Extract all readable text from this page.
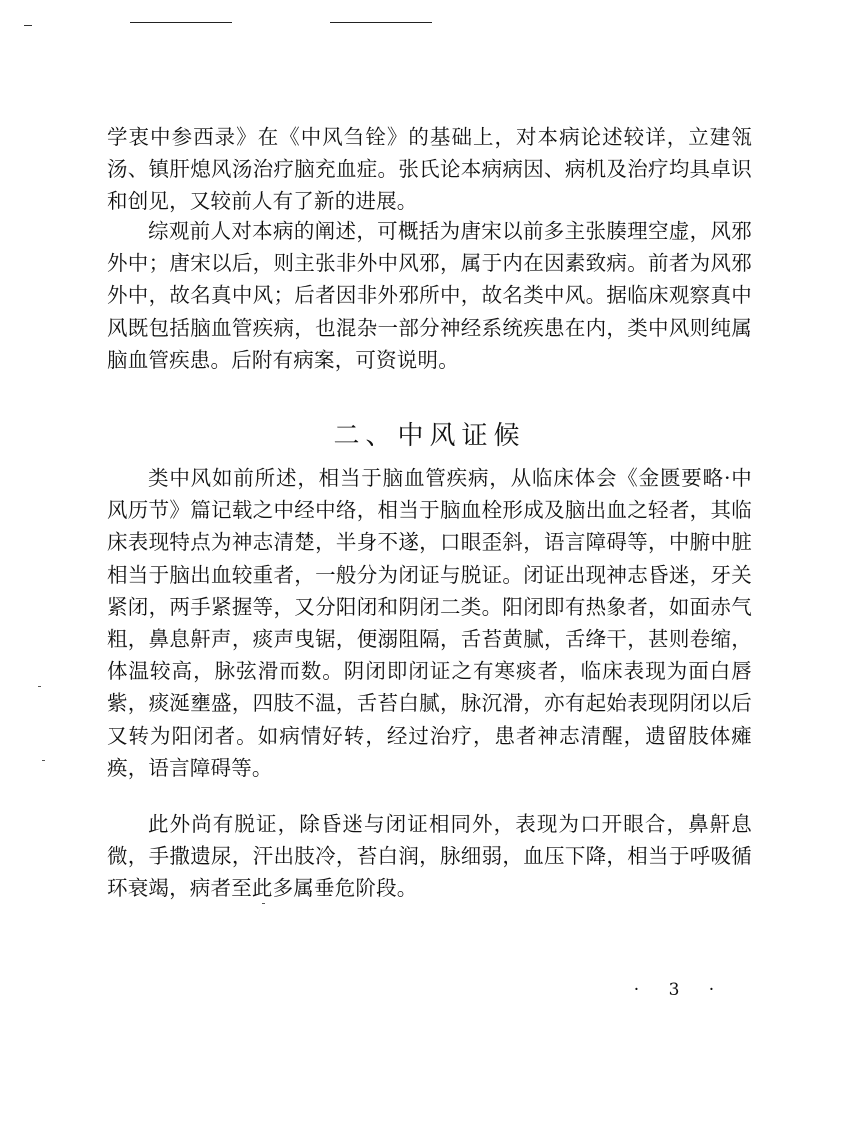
学衷中参西录》在《中风刍铨》的基础上，对本病论述较详，立建瓴汤、镇肝熄风汤治疗脑充血症。张氏论本病病因、病机及治疗均具卓识和创见，又较前人有了新的进展。

综观前人对本病的阐述，可概括为唐宋以前多主张腠理空虚，风邪外中；唐宋以后，则主张非外中风邪，属于内在因素致病。前者为风邪外中，故名真中风；后者因非外邪所中，故名类中风。据临床观察真中风既包括脑血管疾病，也混杂一部分神经系统疾患在内，类中风则纯属脑血管疾患。后附有病案，可资说明。

二、中风证候

类中风如前所述，相当于脑血管疾病，从临床体会《金匮要略·中风历节》篇记载之中经中络，相当于脑血栓形成及脑出血之轻者，其临床表现特点为神志清楚，半身不遂，口眼歪斜，语言障碍等，中腑中脏相当于脑出血较重者，一般分为闭证与脱证。闭证出现神志昏迷，牙关紧闭，两手紧握等，又分阳闭和阴闭二类。阳闭即有热象者，如面赤气粗，鼻息鼾声，痰声曳锯，便溺阻隔，舌苔黄腻，舌绛干，甚则卷缩，体温较高，脉弦滑而数。阴闭即闭证之有寒痰者，临床表现为面白唇紫，痰涎壅盛，四肢不温，舌苔白腻，脉沉滑，亦有起始表现阴闭以后又转为阳闭者。如病情好转，经过治疗，患者神志清醒，遗留肢体瘫痪，语言障碍等。

此外尚有脱证，除昏迷与闭证相同外，表现为口开眼合，鼻鼾息微，手撒遗尿，汗出肢冷，苔白润，脉细弱，血压下降，相当于呼吸循环衰竭，病者至此多属垂危阶段。

· 3 ·
